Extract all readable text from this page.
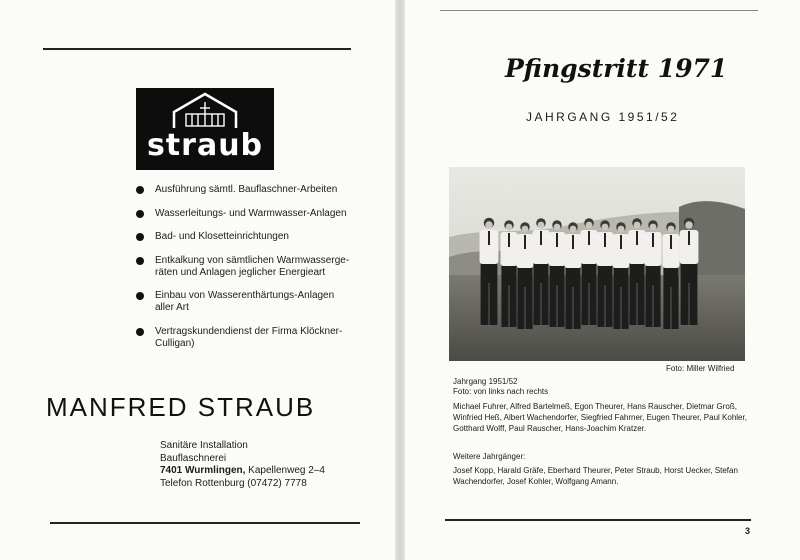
straub
Ausführung sämtl. Bauflaschner-Arbeiten
Wasserleitungs- und Warmwasser-Anlagen
Bad- und Klosetteinrichtungen
Entkalkung von sämtlichen Warmwasserge-
räten und Anlagen jeglicher Energieart
Einbau von Wasserenthärtungs-Anlagen
aller Art
Vertragskundendienst der Firma Klöckner-
Culligan)
MANFRED STRAUB
Sanitäre Installation
Bauflaschnerei
7401 Wurmlingen, Kapellenweg 2–4
Telefon Rottenburg (07472) 7778
Pfingstritt 1971
JAHRGANG 1951/52
Foto: Miller Wilfried
Jahrgang 1951/52
Foto: von links nach rechts
Michael Fuhrer, Alfred Bartelmeß, Egon Theurer, Hans Rauscher, Dietmar Groß, Winfried Heß, Albert Wachendorfer, Siegfried Fahrner, Eugen Theurer, Paul Kohler, Gotthard Wolff, Paul Rauscher, Hans-Joachim Kratzer.
Weitere Jahrgänger:
Josef Kopp, Harald Gräfe, Eberhard Theurer, Peter Straub, Horst Uecker, Stefan Wachendorfer, Josef Kohler, Wolfgang Amann.
3
